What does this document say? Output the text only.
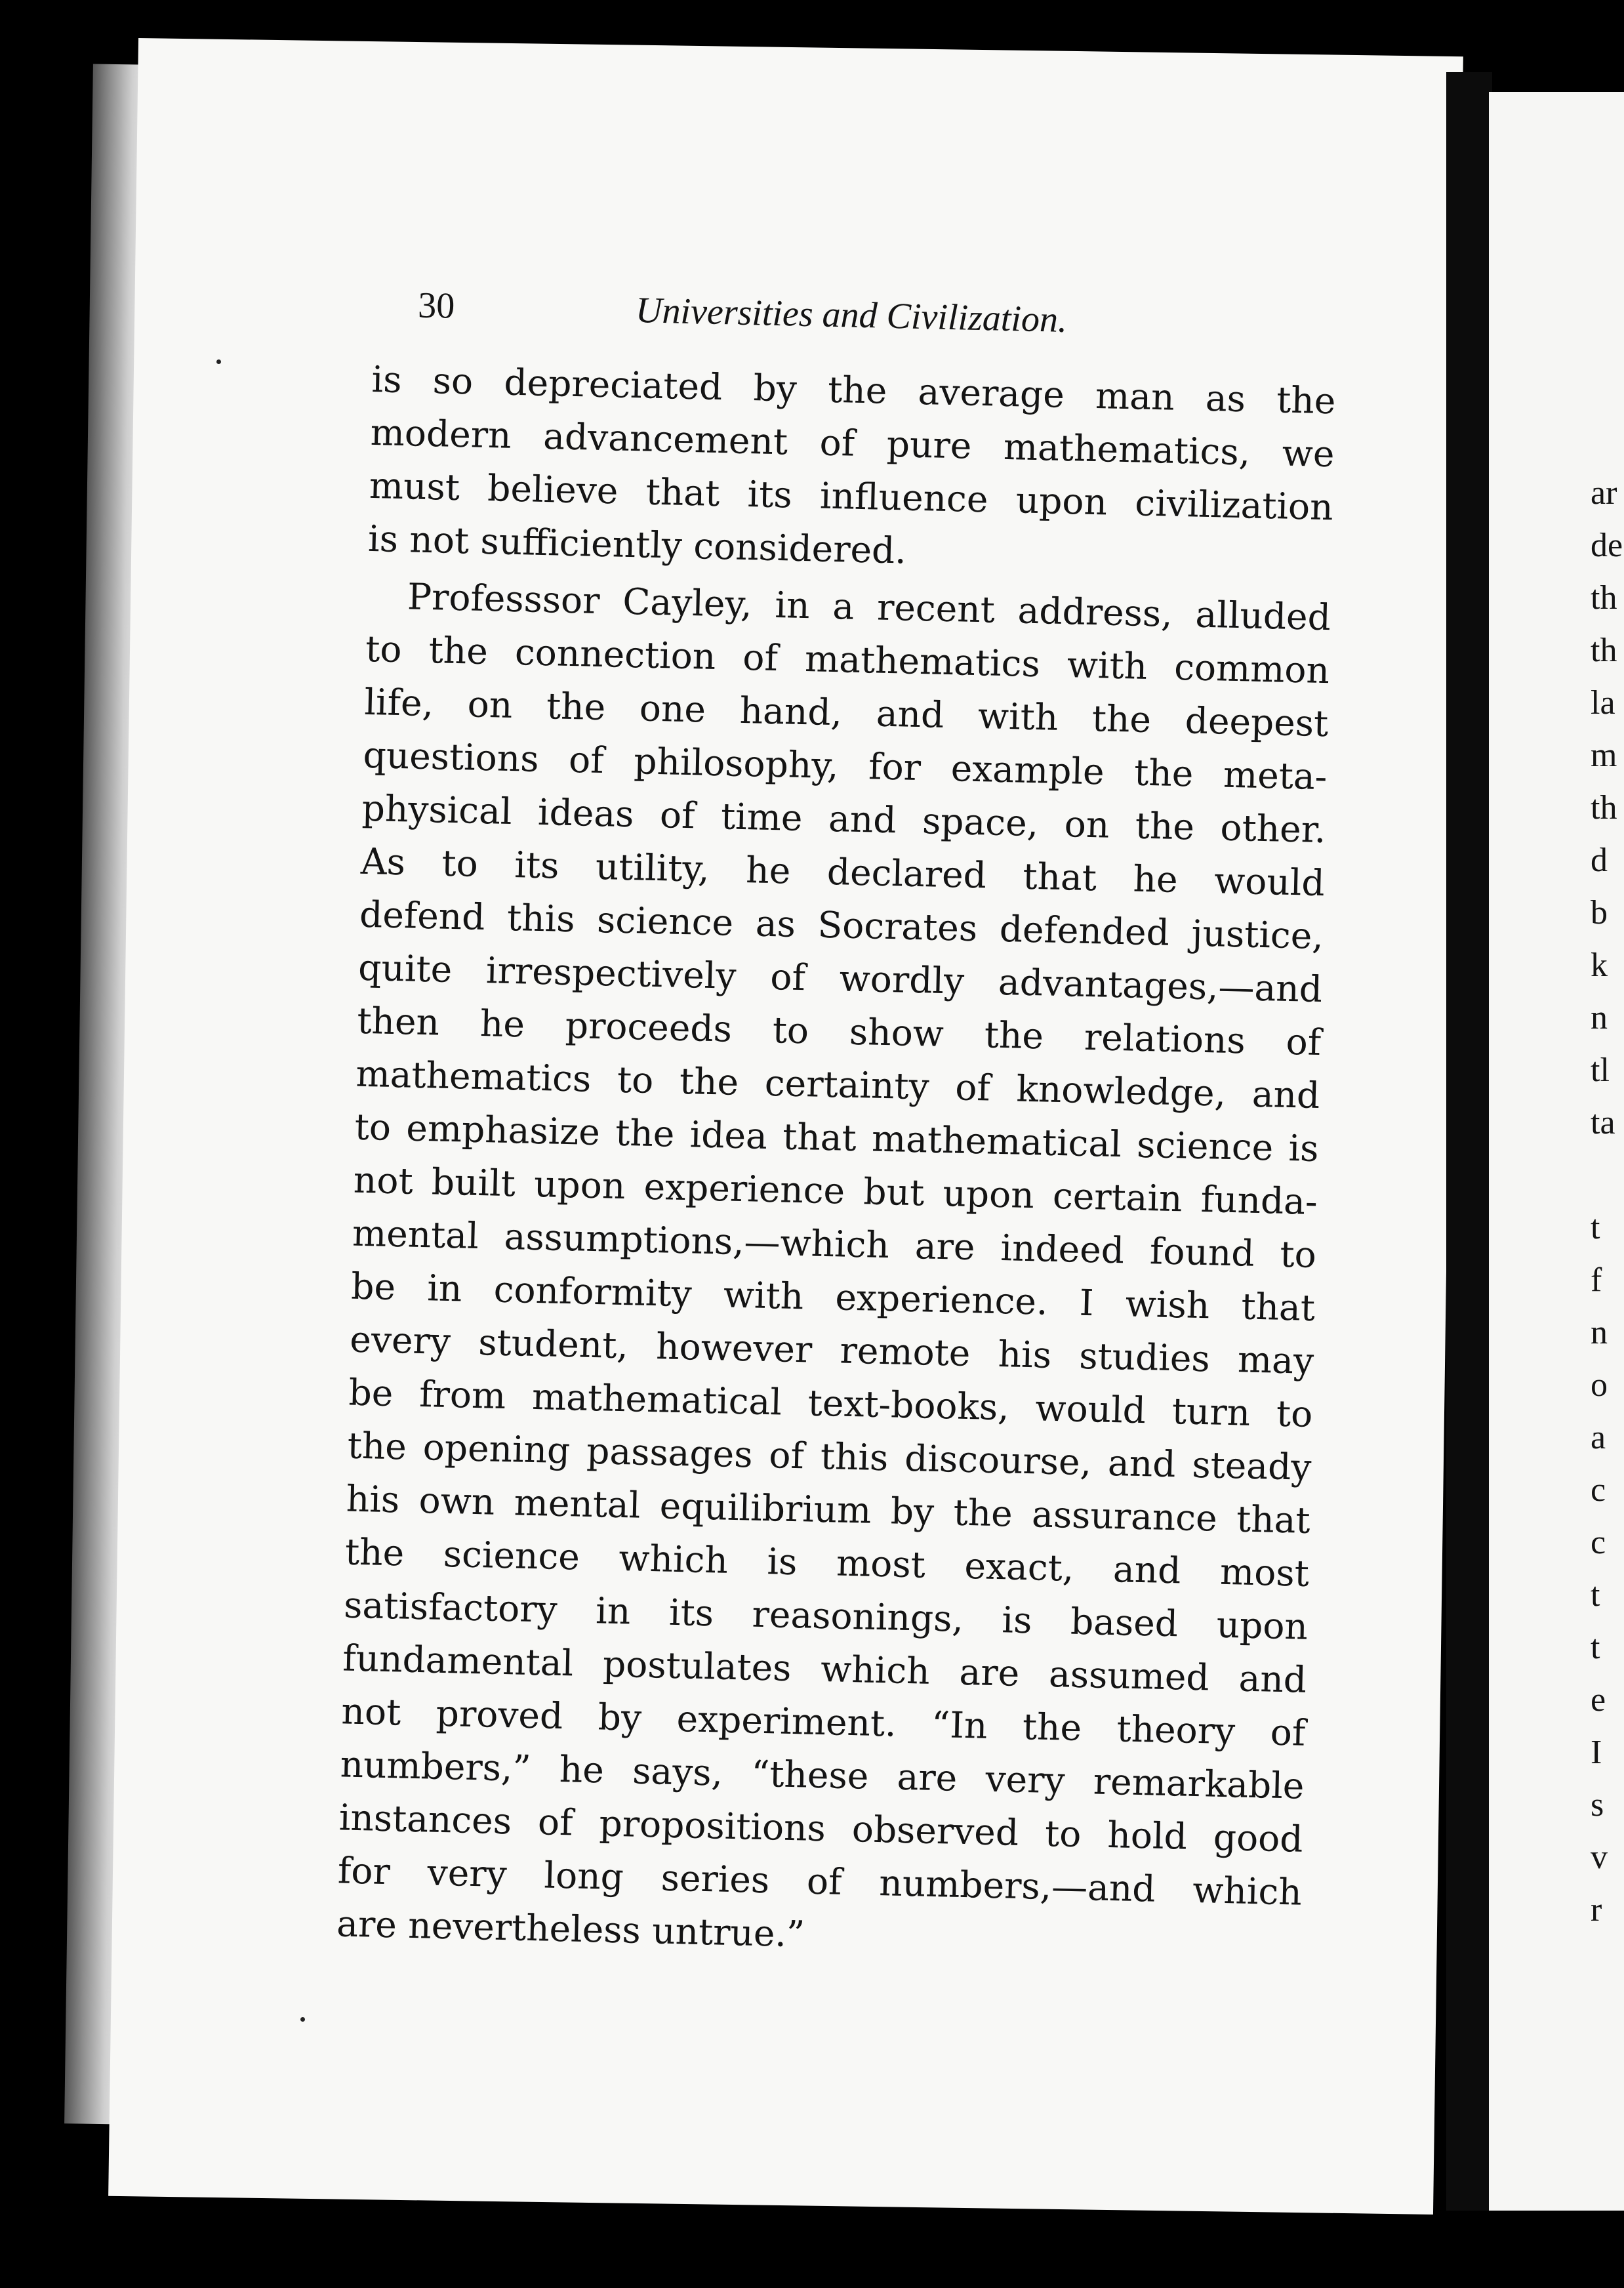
30	Universities and Civilization.
is so depreciated by the average man as the
modern advancement of pure mathematics, we
must believe that its influence upon civilization
is not sufficiently considered.
Professsor Cayley, in a recent address, alluded
to the connection of mathematics with common
life, on the one hand, and with the deepest
questions of philosophy, for example the meta-
physical ideas of time and space, on the other.
As to its utility, he declared that he would
defend this science as Socrates defended justice,
quite irrespectively of wordly advantages,—and
then he proceeds to show the relations of
mathematics to the certainty of knowledge, and
to emphasize the idea that mathematical science is
not built upon experience but upon certain funda-
mental assumptions,—which are indeed found to
be in conformity with experience. I wish that
every student, however remote his studies may
be from mathematical text-books, would turn to
the opening passages of this discourse, and steady
his own mental equilibrium by the assurance that
the science which is most exact, and most
satisfactory in its reasonings, is based upon
fundamental postulates which are assumed and
not proved by experiment. “In the theory of
numbers,” he says, “these are very remarkable
instances of propositions observed to hold good
for very long series of numbers,—and which
are nevertheless untrue.”
ar
de
th
th
la
m
th
d
b
k
n
tl
ta
t
f
n
o
a
c
c
t
t
e
I
s
v
r
